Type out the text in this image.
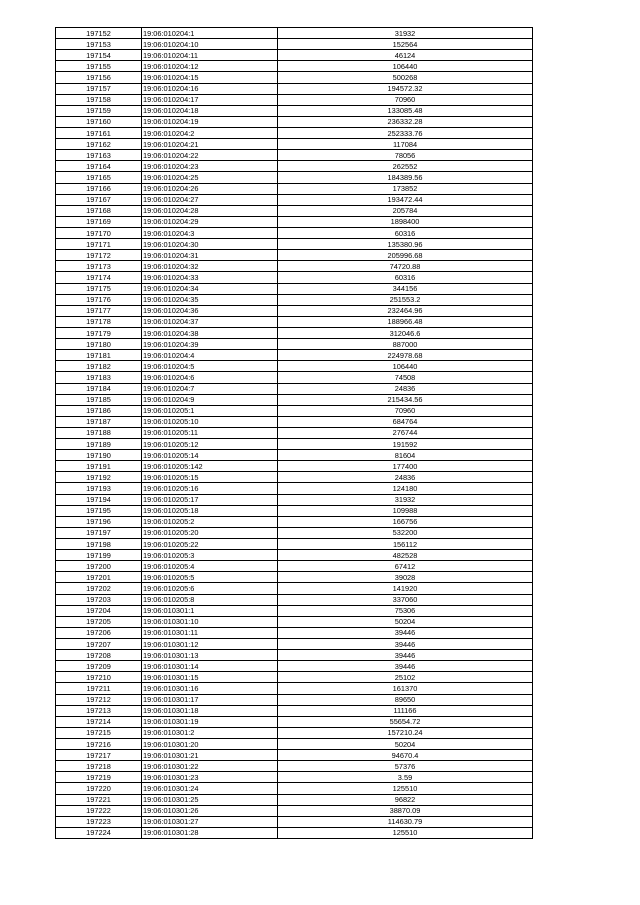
197152	19:06:010204:1	31932
197153	19:06:010204:10	152564
197154	19:06:010204:11	46124
197155	19:06:010204:12	106440
197156	19:06:010204:15	500268
197157	19:06:010204:16	194572.32
197158	19:06:010204:17	70960
197159	19:06:010204:18	133085.48
197160	19:06:010204:19	236332.28
197161	19:06:010204:2	252333.76
197162	19:06:010204:21	117084
197163	19:06:010204:22	78056
197164	19:06:010204:23	262552
197165	19:06:010204:25	184389.56
197166	19:06:010204:26	173852
197167	19:06:010204:27	193472.44
197168	19:06:010204:28	205784
197169	19:06:010204:29	1898400
197170	19:06:010204:3	60316
197171	19:06:010204:30	135380.96
197172	19:06:010204:31	205996.68
197173	19:06:010204:32	74720.88
197174	19:06:010204:33	60316
197175	19:06:010204:34	344156
197176	19:06:010204:35	251553.2
197177	19:06:010204:36	232464.96
197178	19:06:010204:37	188966.48
197179	19:06:010204:38	312046.6
197180	19:06:010204:39	887000
197181	19:06:010204:4	224978.68
197182	19:06:010204:5	106440
197183	19:06:010204:6	74508
197184	19:06:010204:7	24836
197185	19:06:010204:9	215434.56
197186	19:06:010205:1	70960
197187	19:06:010205:10	684764
197188	19:06:010205:11	276744
197189	19:06:010205:12	191592
197190	19:06:010205:14	81604
197191	19:06:010205:142	177400
197192	19:06:010205:15	24836
197193	19:06:010205:16	124180
197194	19:06:010205:17	31932
197195	19:06:010205:18	109988
197196	19:06:010205:2	166756
197197	19:06:010205:20	532200
197198	19:06:010205:22	156112
197199	19:06:010205:3	482528
197200	19:06:010205:4	67412
197201	19:06:010205:5	39028
197202	19:06:010205:6	141920
197203	19:06:010205:8	337060
197204	19:06:010301:1	75306
197205	19:06:010301:10	50204
197206	19:06:010301:11	39446
197207	19:06:010301:12	39446
197208	19:06:010301:13	39446
197209	19:06:010301:14	39446
197210	19:06:010301:15	25102
197211	19:06:010301:16	161370
197212	19:06:010301:17	89650
197213	19:06:010301:18	111166
197214	19:06:010301:19	55654.72
197215	19:06:010301:2	157210.24
197216	19:06:010301:20	50204
197217	19:06:010301:21	94670.4
197218	19:06:010301:22	57376
197219	19:06:010301:23	3.59
197220	19:06:010301:24	125510
197221	19:06:010301:25	96822
197222	19:06:010301:26	38870.09
197223	19:06:010301:27	114630.79
197224	19:06:010301:28	125510
